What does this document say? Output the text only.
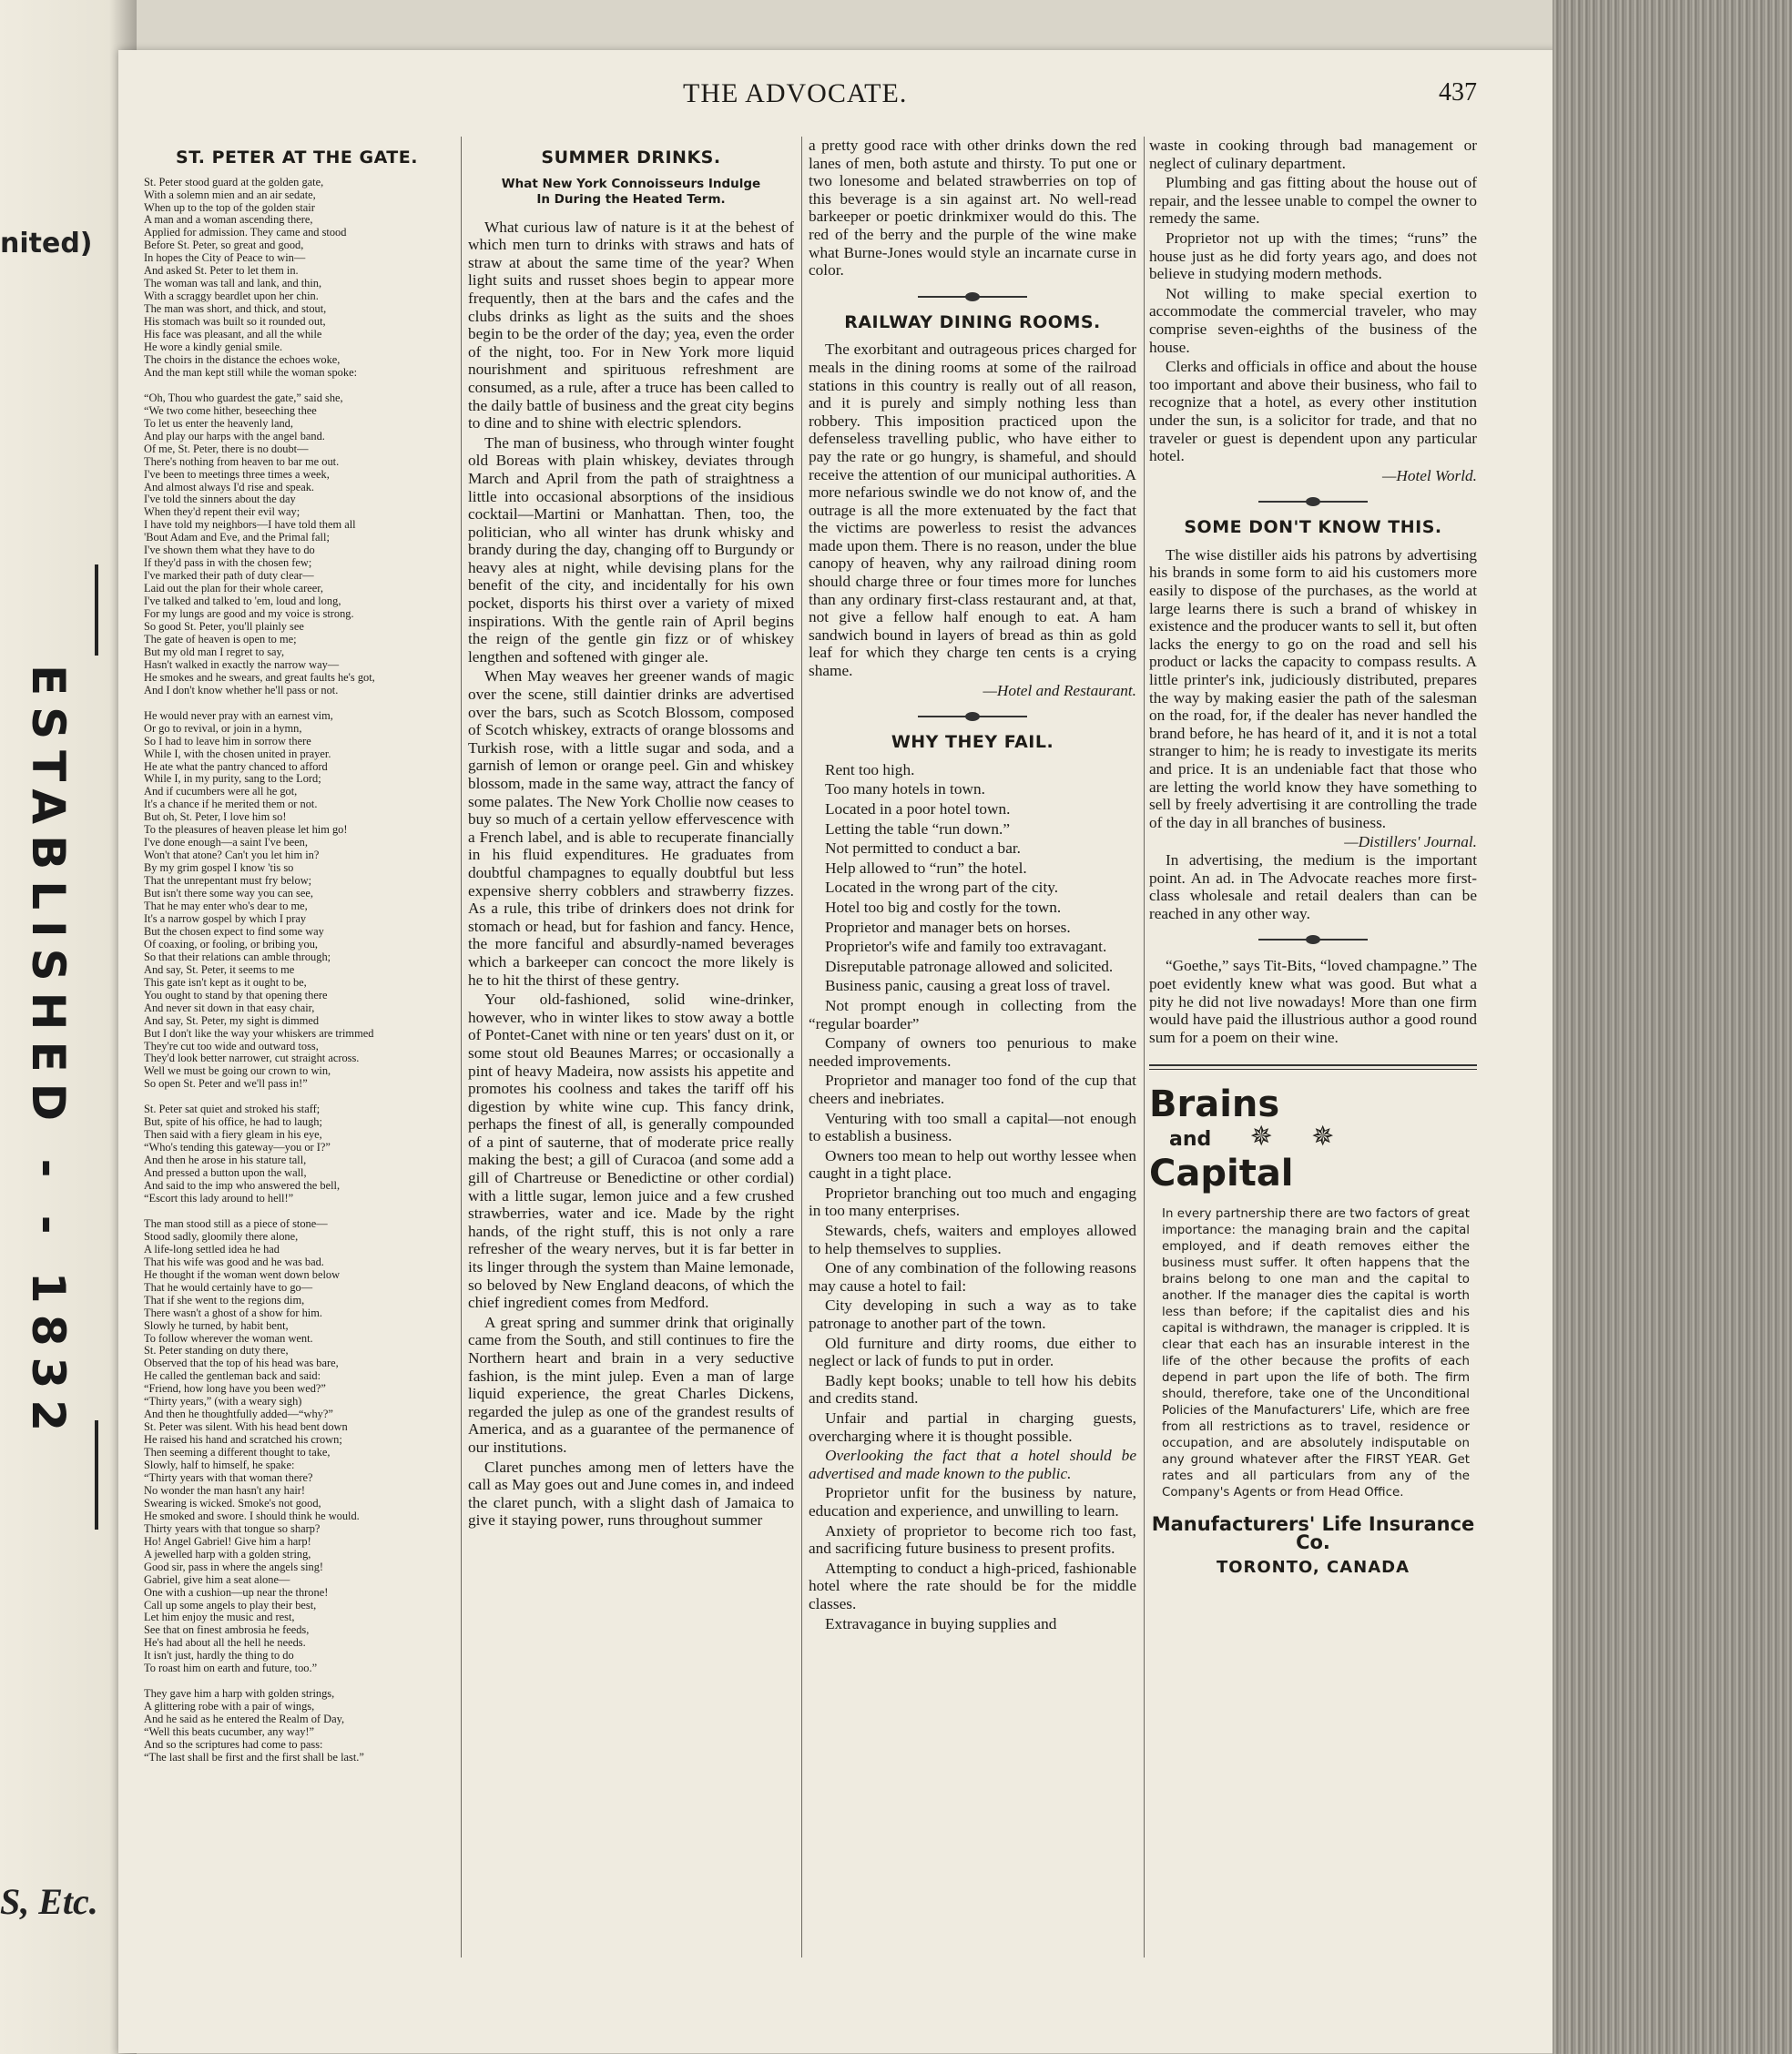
nited)
ESTABLISHED - - 1832
S, Etc.
THE ADVOCATE.	437
ST. PETER AT THE GATE.
St. Peter stood guard at the golden gate,
With a solemn mien and an air sedate,
When up to the top of the golden stair
A man and a woman ascending there,
Applied for admission. They came and stood
Before St. Peter, so great and good,
In hopes the City of Peace to win—
And asked St. Peter to let them in.
The woman was tall and lank, and thin,
With a scraggy beardlet upon her chin.
The man was short, and thick, and stout,
His stomach was built so it rounded out,
His face was pleasant, and all the while
He wore a kindly genial smile.
The choirs in the distance the echoes woke,
And the man kept still while the woman spoke:
“Oh, Thou who guardest the gate,” said she,
“We two come hither, beseeching thee
To let us enter the heavenly land,
And play our harps with the angel band.
Of me, St. Peter, there is no doubt—
There's nothing from heaven to bar me out.
I've been to meetings three times a week,
And almost always I'd rise and speak.
I've told the sinners about the day
When they'd repent their evil way;
I have told my neighbors—I have told them all
'Bout Adam and Eve, and the Primal fall;
I've shown them what they have to do
If they'd pass in with the chosen few;
I've marked their path of duty clear—
Laid out the plan for their whole career,
I've talked and talked to 'em, loud and long,
For my lungs are good and my voice is strong.
So good St. Peter, you'll plainly see
The gate of heaven is open to me;
But my old man I regret to say,
Hasn't walked in exactly the narrow way—
He smokes and he swears, and great faults he's got,
And I don't know whether he'll pass or not.
He would never pray with an earnest vim,
Or go to revival, or join in a hymn,
So I had to leave him in sorrow there
While I, with the chosen united in prayer.
He ate what the pantry chanced to afford
While I, in my purity, sang to the Lord;
And if cucumbers were all he got,
It's a chance if he merited them or not.
But oh, St. Peter, I love him so!
To the pleasures of heaven please let him go!
I've done enough—a saint I've been,
Won't that atone? Can't you let him in?
By my grim gospel I know 'tis so
That the unrepentant must fry below;
But isn't there some way you can see,
That he may enter who's dear to me,
It's a narrow gospel by which I pray
But the chosen expect to find some way
Of coaxing, or fooling, or bribing you,
So that their relations can amble through;
And say, St. Peter, it seems to me
This gate isn't kept as it ought to be,
You ought to stand by that opening there
And never sit down in that easy chair,
And say, St. Peter, my sight is dimmed
But I don't like the way your whiskers are trimmed
They're cut too wide and outward toss,
They'd look better narrower, cut straight across.
Well we must be going our crown to win,
So open St. Peter and we'll pass in!”
St. Peter sat quiet and stroked his staff;
But, spite of his office, he had to laugh;
Then said with a fiery gleam in his eye,
“Who's tending this gateway—you or I?”
And then he arose in his stature tall,
And pressed a button upon the wall,
And said to the imp who answered the bell,
“Escort this lady around to hell!”
The man stood still as a piece of stone—
Stood sadly, gloomily there alone,
A life-long settled idea he had
That his wife was good and he was bad.
He thought if the woman went down below
That he would certainly have to go—
That if she went to the regions dim,
There wasn't a ghost of a show for him.
Slowly he turned, by habit bent,
To follow wherever the woman went.
St. Peter standing on duty there,
Observed that the top of his head was bare,
He called the gentleman back and said:
“Friend, how long have you been wed?”
“Thirty years,” (with a weary sigh)
And then he thoughtfully added—“why?”
St. Peter was silent. With his head bent down
He raised his hand and scratched his crown;
Then seeming a different thought to take,
Slowly, half to himself, he spake:
“Thirty years with that woman there?
No wonder the man hasn't any hair!
Swearing is wicked. Smoke's not good,
He smoked and swore. I should think he would.
Thirty years with that tongue so sharp?
Ho! Angel Gabriel! Give him a harp!
A jewelled harp with a golden string,
Good sir, pass in where the angels sing!
Gabriel, give him a seat alone—
One with a cushion—up near the throne!
Call up some angels to play their best,
Let him enjoy the music and rest,
See that on finest ambrosia he feeds,
He's had about all the hell he needs.
It isn't just, hardly the thing to do
To roast him on earth and future, too.”
They gave him a harp with golden strings,
A glittering robe with a pair of wings,
And he said as he entered the Realm of Day,
“Well this beats cucumber, any way!”
And so the scriptures had come to pass:
“The last shall be first and the first shall be last.”
SUMMER DRINKS.
What New York Connoisseurs Indulge In During the Heated Term.

What curious law of nature is it at the behest of which men turn to drinks with straws and hats of straw at about the same time of the year? When light suits and russet shoes begin to appear more frequently, then at the bars and the cafes and the clubs drinks as light as the suits and the shoes begin to be the order of the day; yea, even the order of the night, too. For in New York more liquid nourishment and spirituous refreshment are consumed, as a rule, after a truce has been called to the daily battle of business and the great city begins to dine and to shine with electric splendors.

The man of business, who through winter fought old Boreas with plain whiskey, deviates through March and April from the path of straightness a little into occasional absorptions of the insidious cocktail—Martini or Manhattan. Then, too, the politician, who all winter has drunk whisky and brandy during the day, changing off to Burgundy or heavy ales at night, while devising plans for the benefit of the city, and incidentally for his own pocket, disports his thirst over a variety of mixed inspirations. With the gentle rain of April begins the reign of the gentle gin fizz or of whiskey lengthen and softened with ginger ale.

When May weaves her greener wands of magic over the scene, still daintier drinks are advertised over the bars, such as Scotch Blossom, composed of Scotch whiskey, extracts of orange blossoms and Turkish rose, with a little sugar and soda, and a garnish of lemon or orange peel. Gin and whiskey blossom, made in the same way, attract the fancy of some palates. The New York Chollie now ceases to buy so much of a certain yellow effervescence with a French label, and is able to recuperate financially in his fluid expenditures. He graduates from doubtful champagnes to equally doubtful but less expensive sherry cobblers and strawberry fizzes. As a rule, this tribe of drinkers does not drink for stomach or head, but for fashion and fancy. Hence, the more fanciful and absurdly-named beverages which a barkeeper can concoct the more likely is he to hit the thirst of these gentry.

Your old-fashioned, solid wine-drinker, however, who in winter likes to stow away a bottle of Pontet-Canet with nine or ten years' dust on it, or some stout old Beaunes Marres; or occasionally a pint of heavy Madeira, now assists his appetite and promotes his coolness and takes the tariff off his digestion by white wine cup. This fancy drink, perhaps the finest of all, is generally compounded of a pint of sauterne, that of moderate price really making the best; a gill of Curacoa (and some add a gill of Chartreuse or Benedictine or other cordial) with a little sugar, lemon juice and a few crushed strawberries, water and ice. Made by the right hands, of the right stuff, this is not only a rare refresher of the weary nerves, but it is far better in its linger through the system than Maine lemonade, so beloved by New England deacons, of which the chief ingredient comes from Medford.

A great spring and summer drink that originally came from the South, and still continues to fire the Northern heart and brain in a very seductive fashion, is the mint julep. Even a man of large liquid experience, the great Charles Dickens, regarded the julep as one of the grandest results of America, and as a guarantee of the permanence of our institutions.

Claret punches among men of letters have the call as May goes out and June comes in, and indeed the claret punch, with a slight dash of Jamaica to give it staying power, runs throughout summer

a pretty good race with other drinks down the red lanes of men, both astute and thirsty. To put one or two lonesome and belated strawberries on top of this beverage is a sin against art. No well-read barkeeper or poetic drinkmixer would do this. The red of the berry and the purple of the wine make what Burne-Jones would style an incarnate curse in color.

RAILWAY DINING ROOMS.

The exorbitant and outrageous prices charged for meals in the dining rooms at some of the railroad stations in this country is really out of all reason, and it is purely and simply nothing less than robbery. This imposition practiced upon the defenseless travelling public, who have either to pay the rate or go hungry, is shameful, and should receive the attention of our municipal authorities. A more nefarious swindle we do not know of, and the outrage is all the more extenuated by the fact that the victims are powerless to resist the advances made upon them. There is no reason, under the blue canopy of heaven, why any railroad dining room should charge three or four times more for lunches than any ordinary first-class restaurant and, at that, not give a fellow half enough to eat. A ham sandwich bound in layers of bread as thin as gold leaf for which they charge ten cents is a crying shame.

—Hotel and Restaurant.
WHY THEY FAIL.

Rent too high.

Too many hotels in town.

Located in a poor hotel town.

Letting the table “run down.”

Not permitted to conduct a bar.

Help allowed to “run” the hotel.

Located in the wrong part of the city.

Hotel too big and costly for the town.

Proprietor and manager bets on horses.

Proprietor's wife and family too extravagant.

Disreputable patronage allowed and solicited.

Business panic, causing a great loss of travel.

Not prompt enough in collecting from the “regular boarder”

Company of owners too penurious to make needed improvements.

Proprietor and manager too fond of the cup that cheers and inebriates.

Venturing with too small a capital—not enough to establish a business.

Owners too mean to help out worthy lessee when caught in a tight place.

Proprietor branching out too much and engaging in too many enterprises.

Stewards, chefs, waiters and employes allowed to help themselves to supplies.

One of any combination of the following reasons may cause a hotel to fail:

City developing in such a way as to take patronage to another part of the town.

Old furniture and dirty rooms, due either to neglect or lack of funds to put in order.

Badly kept books; unable to tell how his debits and credits stand.

Unfair and partial in charging guests, overcharging where it is thought possible.

Overlooking the fact that a hotel should be advertised and made known to the public.

Proprietor unfit for the business by nature, education and experience, and unwilling to learn.

Anxiety of proprietor to become rich too fast, and sacrificing future business to present profits.

Attempting to conduct a high-priced, fashionable hotel where the rate should be for the middle classes.

Extravagance in buying supplies and

waste in cooking through bad management or neglect of culinary department.

Plumbing and gas fitting about the house out of repair, and the lessee unable to compel the owner to remedy the same.

Proprietor not up with the times; “runs” the house just as he did forty years ago, and does not believe in studying modern methods.

Not willing to make special exertion to accommodate the commercial traveler, who may comprise seven-eighths of the business of the house.

Clerks and officials in office and about the house too important and above their business, who fail to recognize that a hotel, as every other institution under the sun, is a solicitor for trade, and that no traveler or guest is dependent upon any particular hotel.

—Hotel World.
SOME DON'T KNOW THIS.

The wise distiller aids his patrons by advertising his brands in some form to aid his customers more easily to dispose of the purchases, as the world at large learns there is such a brand of whiskey in existence and the producer wants to sell it, but often lacks the energy to go on the road and sell his product or lacks the capacity to compass results. A little printer's ink, judiciously distributed, prepares the way by making easier the path of the salesman on the road, for, if the dealer has never handled the brand before, he has heard of it, and it is not a total stranger to him; he is ready to investigate its merits and price. It is an undeniable fact that those who are letting the world know they have something to sell by freely advertising it are controlling the trade of the day in all branches of business.

—Distillers' Journal.

In advertising, the medium is the important point. An ad. in The Advocate reaches more first-class wholesale and retail dealers than can be reached in any other way.

“Goethe,” says Tit-Bits, “loved champagne.” The poet evidently knew what was good. But what a pity he did not live nowadays! More than one firm would have paid the illustrious author a good round sum for a poem on their wine.

Brains
and ✵ ✵
Capital
In every partnership there are two factors of great importance: the managing brain and the capital employed, and if death removes either the business must suffer. It often happens that the brains belong to one man and the capital to another. If the manager dies the capital is worth less than before; if the capitalist dies and his capital is withdrawn, the manager is crippled. It is clear that each has an insurable interest in the life of the other because the profits of each depend in part upon the life of both. The firm should, therefore, take one of the Unconditional Policies of the Manufacturers' Life, which are free from all restrictions as to travel, residence or occupation, and are absolutely indisputable on any ground whatever after the FIRST YEAR. Get rates and all particulars from any of the Company's Agents or from Head Office.
Manufacturers' Life Insurance Co.
TORONTO, CANADA
